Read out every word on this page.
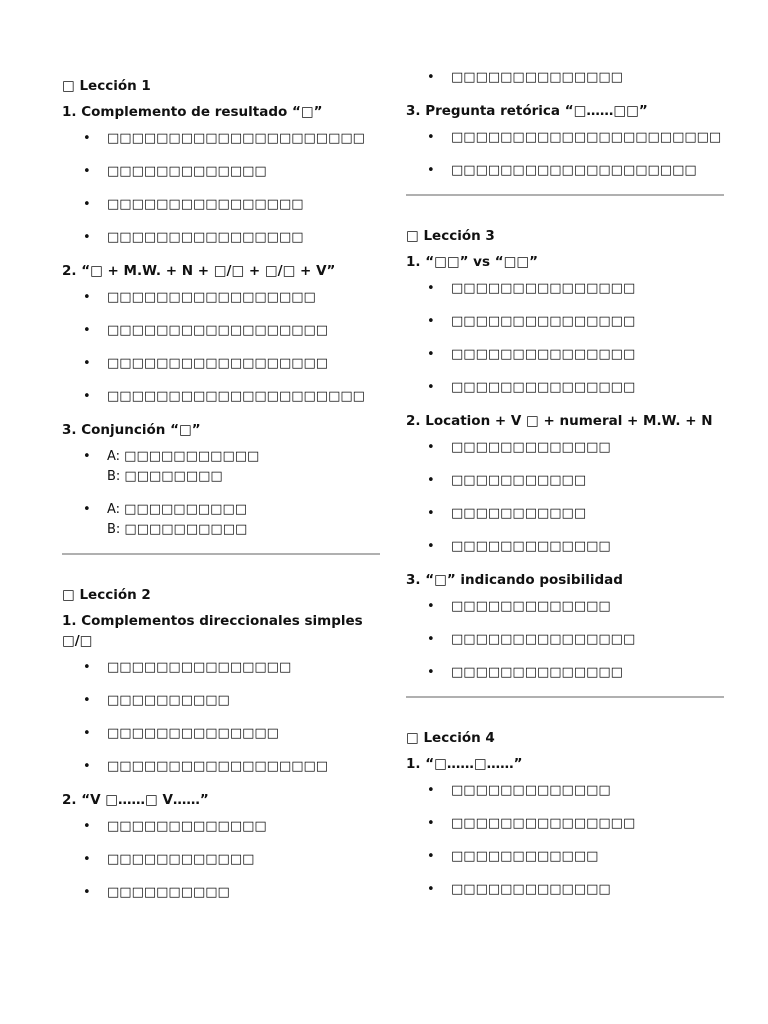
□ Lección 1
1. Complemento de resultado “□”
• □□□□□□□□□□□□□□□□□□□□□
• □□□□□□□□□□□□□
• □□□□□□□□□□□□□□□□
• □□□□□□□□□□□□□□□□
2. “□ + M.W. + N + □/□ + □/□ + V”
• □□□□□□□□□□□□□□□□□
• □□□□□□□□□□□□□□□□□□
• □□□□□□□□□□□□□□□□□□
• □□□□□□□□□□□□□□□□□□□□□
3. Conjunción “□”
• A: □□□□□□□□□□□
B: □□□□□□□□
• A: □□□□□□□□□□
B: □□□□□□□□□□
□ Lección 2
1. Complementos direccionales simples □/□
• □□□□□□□□□□□□□□□
• □□□□□□□□□□
• □□□□□□□□□□□□□□
• □□□□□□□□□□□□□□□□□□
2. “V □……□ V……”
• □□□□□□□□□□□□□
• □□□□□□□□□□□□
• □□□□□□□□□□
• □□□□□□□□□□□□□□
3. Pregunta retórica “□……□□”
• □□□□□□□□□□□□□□□□□□□□□□
• □□□□□□□□□□□□□□□□□□□□
□ Lección 3
1. “□□” vs “□□”
• □□□□□□□□□□□□□□□
• □□□□□□□□□□□□□□□
• □□□□□□□□□□□□□□□
• □□□□□□□□□□□□□□□
2. Location + V □ + numeral + M.W. + N
• □□□□□□□□□□□□□
• □□□□□□□□□□□
• □□□□□□□□□□□
• □□□□□□□□□□□□□
3. “□” indicando posibilidad
• □□□□□□□□□□□□□
• □□□□□□□□□□□□□□□
• □□□□□□□□□□□□□□
□ Lección 4
1. “□……□……”
• □□□□□□□□□□□□□
• □□□□□□□□□□□□□□□
• □□□□□□□□□□□□
• □□□□□□□□□□□□□
